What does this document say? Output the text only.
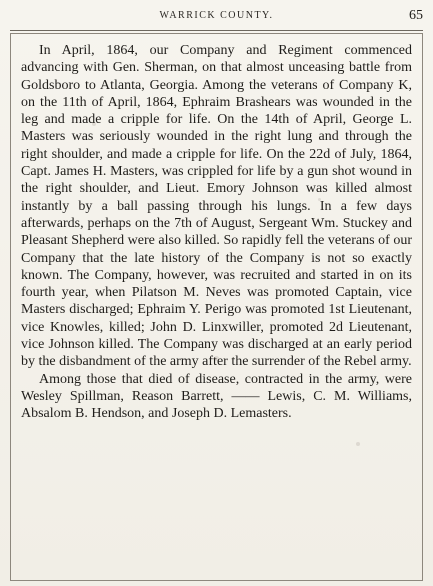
WARRICK COUNTY.	65

In April, 1864, our Company and Regiment commenced advancing with Gen. Sherman, on that almost unceasing battle from Goldsboro to Atlanta, Georgia. Among the veterans of Company K, on the 11th of April, 1864, Ephraim Brashears was wounded in the leg and made a cripple for life. On the 14th of April, George L. Masters was seriously wounded in the right lung and through the right shoulder, and made a cripple for life. On the 22d of July, 1864, Capt. James H. Masters, was crippled for life by a gun shot wound in the right shoulder, and Lieut. Emory Johnson was killed almost instantly by a ball passing through his lungs. In a few days afterwards, perhaps on the 7th of August, Sergeant Wm. Stuckey and Pleasant Shepherd were also killed. So rapidly fell the veterans of our Company that the late history of the Company is not so exactly known. The Company, however, was recruited and started in on its fourth year, when Pilatson M. Neves was promoted Captain, vice Masters discharged; Ephraim Y. Perigo was promoted 1st Lieutenant, vice Knowles, killed; John D. Linxwiller, promoted 2d Lieutenant, vice Johnson killed. The Company was discharged at an early period by the disbandment of the army after the surrender of the Rebel army.

Among those that died of disease, contracted in the army, were Wesley Spillman, Reason Barrett, —— Lewis, C. M. Williams, Absalom B. Hendson, and Joseph D. Lemasters.
